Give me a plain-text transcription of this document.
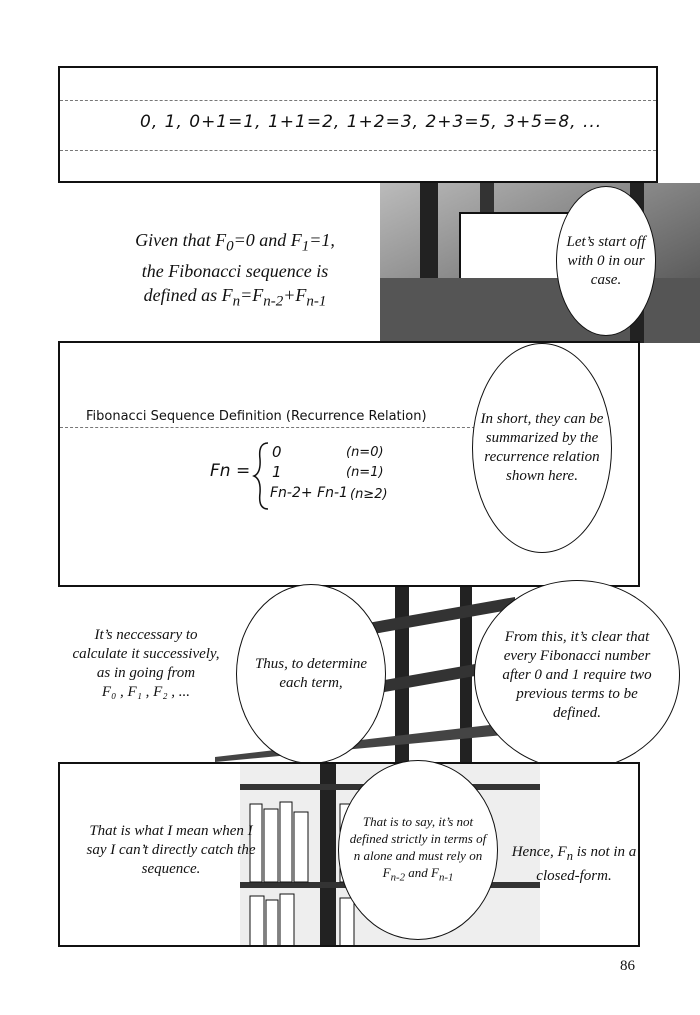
0, 1, 0+1=1, 1+1=2, 1+2=3, 2+3=5, 3+5=8, ...
Given that $F_0=0$ and $F_1=1$,
the Fibonacci sequence is
defined as $F_n=F_{n-2}+F_{n-1}$
Let’s start off with 0 in our case.
Fibonacci Sequence Definition (Recurrence Relation)
Fn =
0	(n=0)
1	(n=1)
Fn-2+ Fn-1 (n≥2)
In short, they can be summarized by the recurrence relation shown here.
It’s neccessary to calculate it successively, as in going from
F₀ , F₁ , F₂ , ...
Thus, to determine each term,
From this, it’s clear that every Fibonacci number after 0 and 1 require two previous terms to be defined.
That is what I mean when I say I can’t directly catch the sequence.
Hence, $F_n$ is not in a closed-form.
That is to say, it’s not defined strictly in terms of n alone and must rely on
$F_{n-2}$ and $F_{n-1}$
86
